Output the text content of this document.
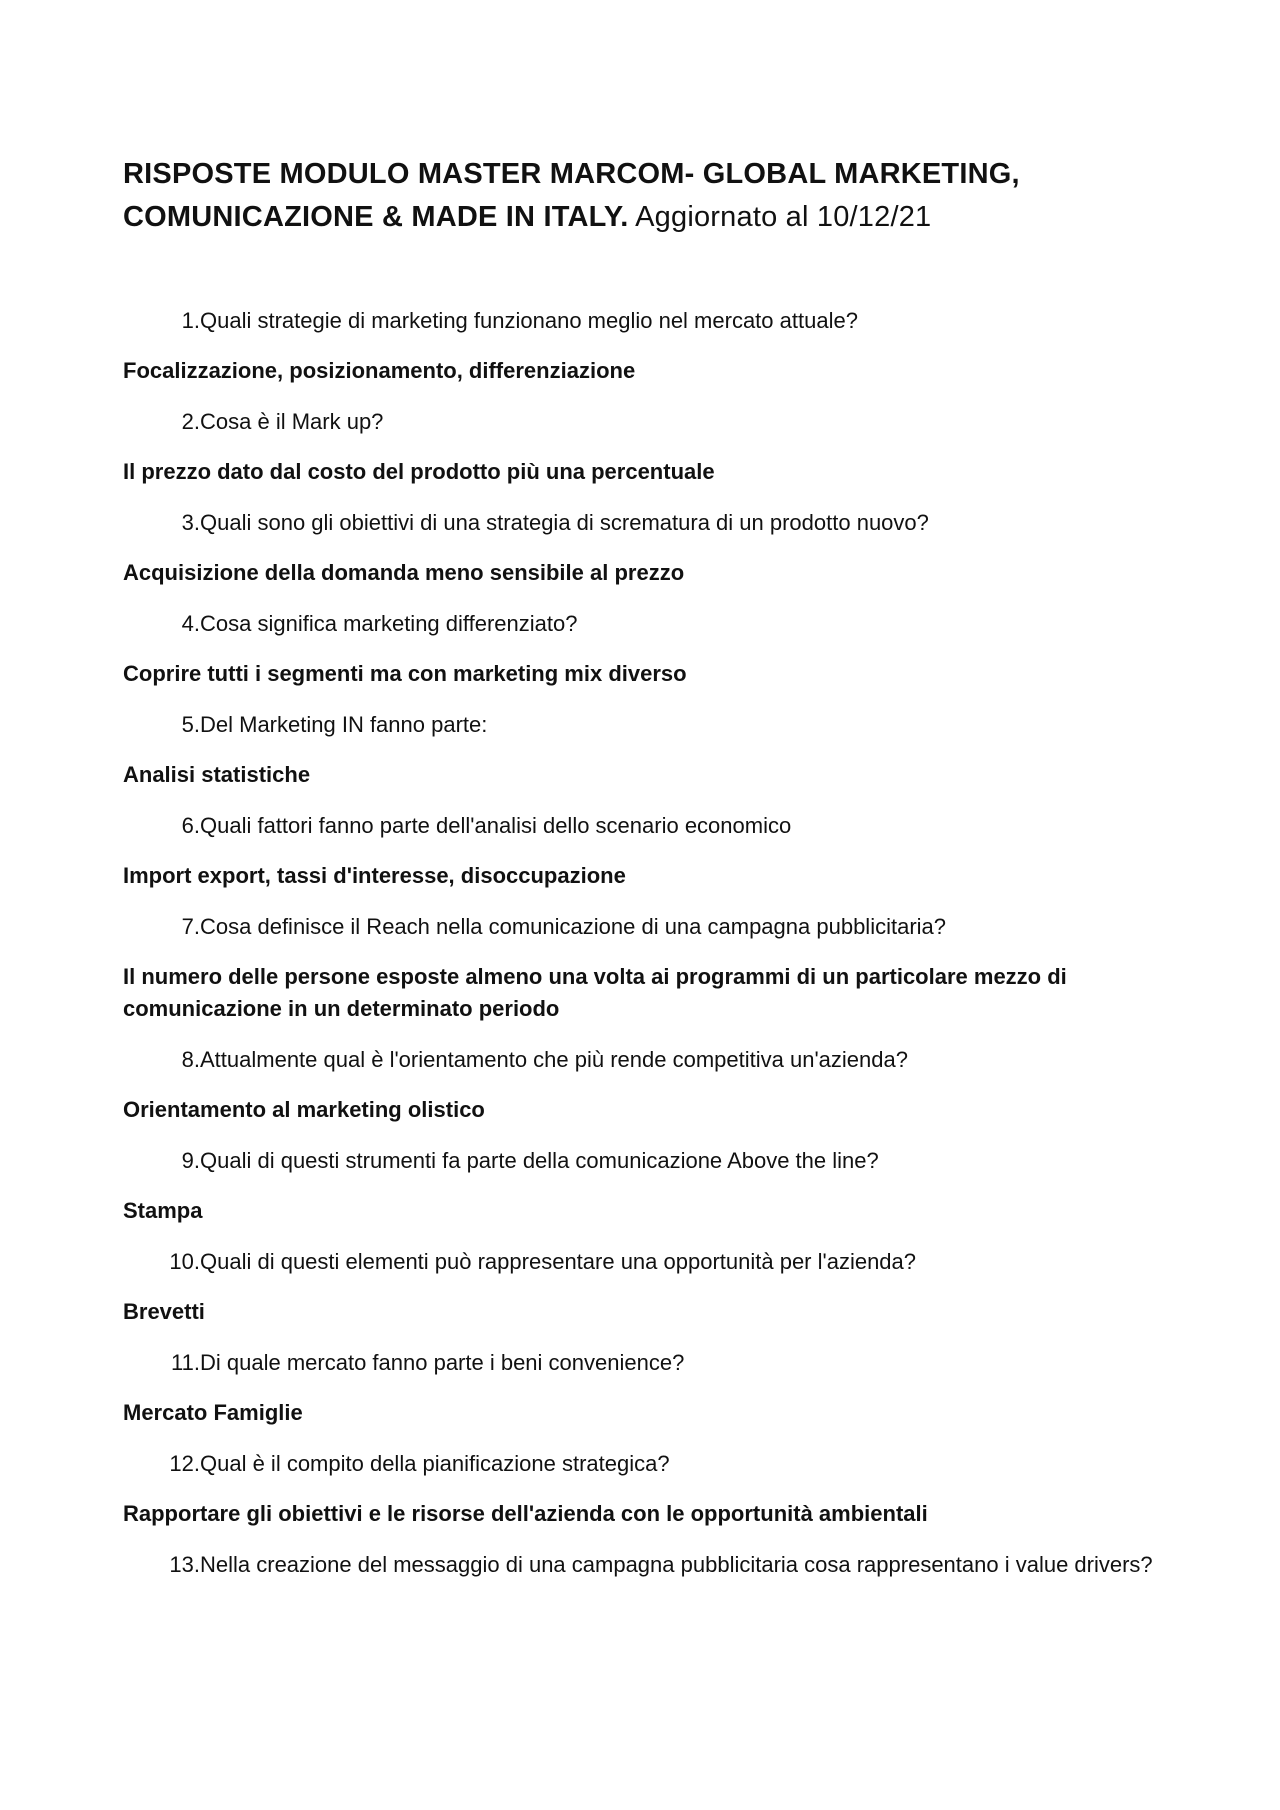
RISPOSTE MODULO MASTER MARCOM- GLOBAL MARKETING, COMUNICAZIONE & MADE IN ITALY. Aggiornato al 10/12/21
1. Quali strategie di marketing funzionano meglio nel mercato attuale?
Focalizzazione, posizionamento, differenziazione
2. Cosa è il Mark up?
Il prezzo dato dal costo del prodotto più una percentuale
3. Quali sono gli obiettivi di una strategia di scrematura di un prodotto nuovo?
Acquisizione della domanda meno sensibile al prezzo
4. Cosa significa marketing differenziato?
Coprire tutti i segmenti ma con marketing mix diverso
5. Del Marketing IN fanno parte:
Analisi statistiche
6. Quali fattori fanno parte dell'analisi dello scenario economico
Import export, tassi d'interesse, disoccupazione
7. Cosa definisce il Reach nella comunicazione di una campagna pubblicitaria?
Il numero delle persone esposte almeno una volta ai programmi di un particolare mezzo di comunicazione in un determinato periodo
8. Attualmente qual è l'orientamento che più rende competitiva un'azienda?
Orientamento al marketing olistico
9. Quali di questi strumenti fa parte della comunicazione Above the line?
Stampa
10. Quali di questi elementi può rappresentare una opportunità per l'azienda?
Brevetti
11. Di quale mercato fanno parte i beni convenience?
Mercato Famiglie
12. Qual è il compito della pianificazione strategica?
Rapportare gli obiettivi e le risorse dell'azienda con le opportunità ambientali
13. Nella creazione del messaggio di una campagna pubblicitaria cosa rappresentano i value drivers?
